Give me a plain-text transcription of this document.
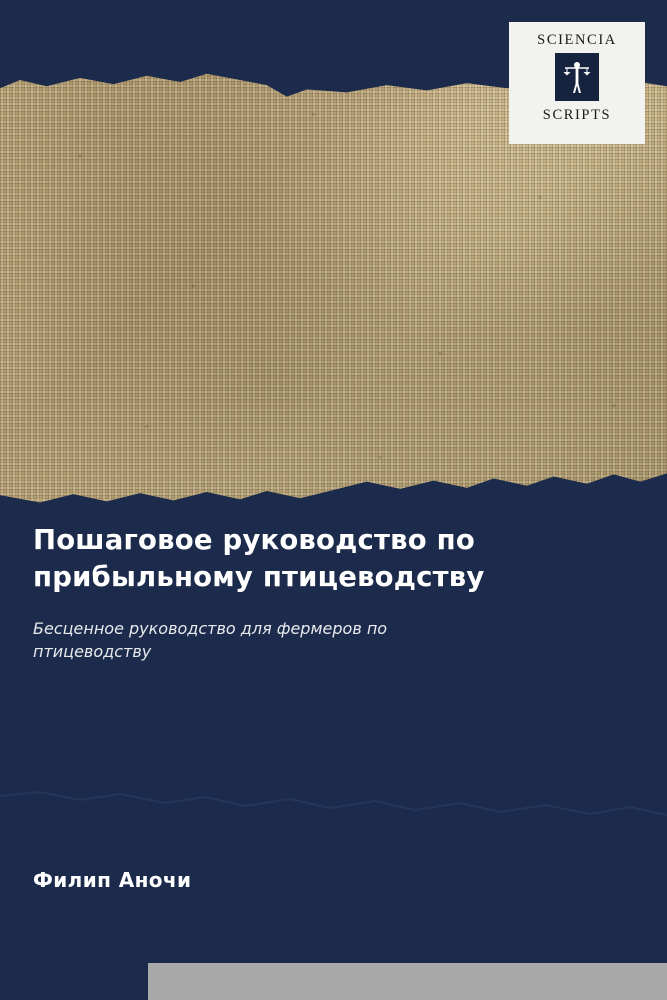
SCIENCIA
SCRIPTS
Пошаговое руководство по прибыльному птицеводству

Бесценное руководство для фермеров по птицеводству

Филип Аночи
